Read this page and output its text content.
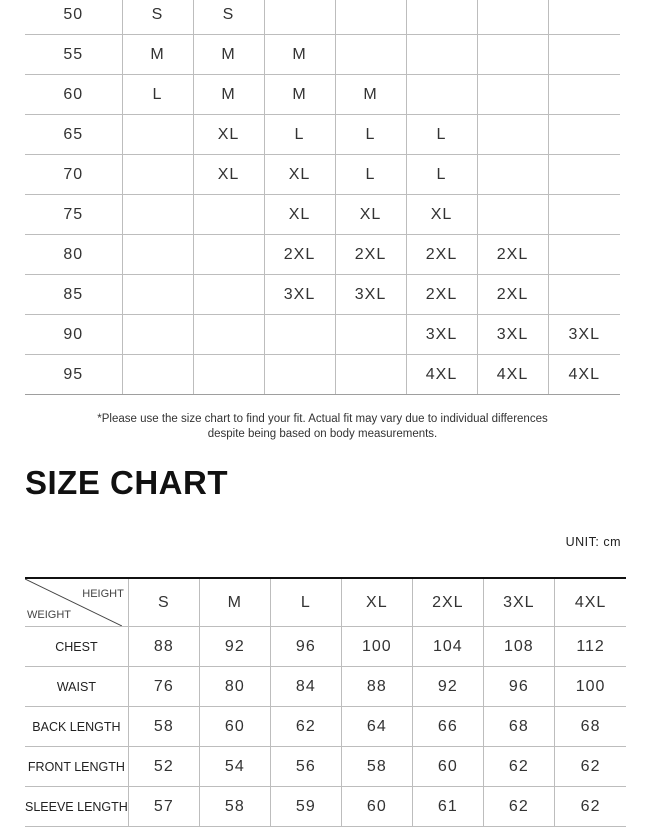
50	S	S					
55	M	M	M				
60	L	M	M	M			
65		XL	L	L	L		
70		XL	XL	L	L		
75			XL	XL	XL		
80			2XL	2XL	2XL	2XL	
85			3XL	3XL	2XL	2XL	
90					3XL	3XL	3XL
95					4XL	4XL	4XL
*Please use the size chart to find your fit. Actual fit may vary due to individual differences
despite being based on body measurements.
SIZE CHART
UNIT: cm
HEIGHT
WEIGHT	S	M	L	XL	2XL	3XL	4XL
CHEST	88	92	96	100	104	108	112
WAIST	76	80	84	88	92	96	100
BACK LENGTH	58	60	62	64	66	68	68
FRONT LENGTH	52	54	56	58	60	62	62
SLEEVE LENGTH	57	58	59	60	61	62	62
